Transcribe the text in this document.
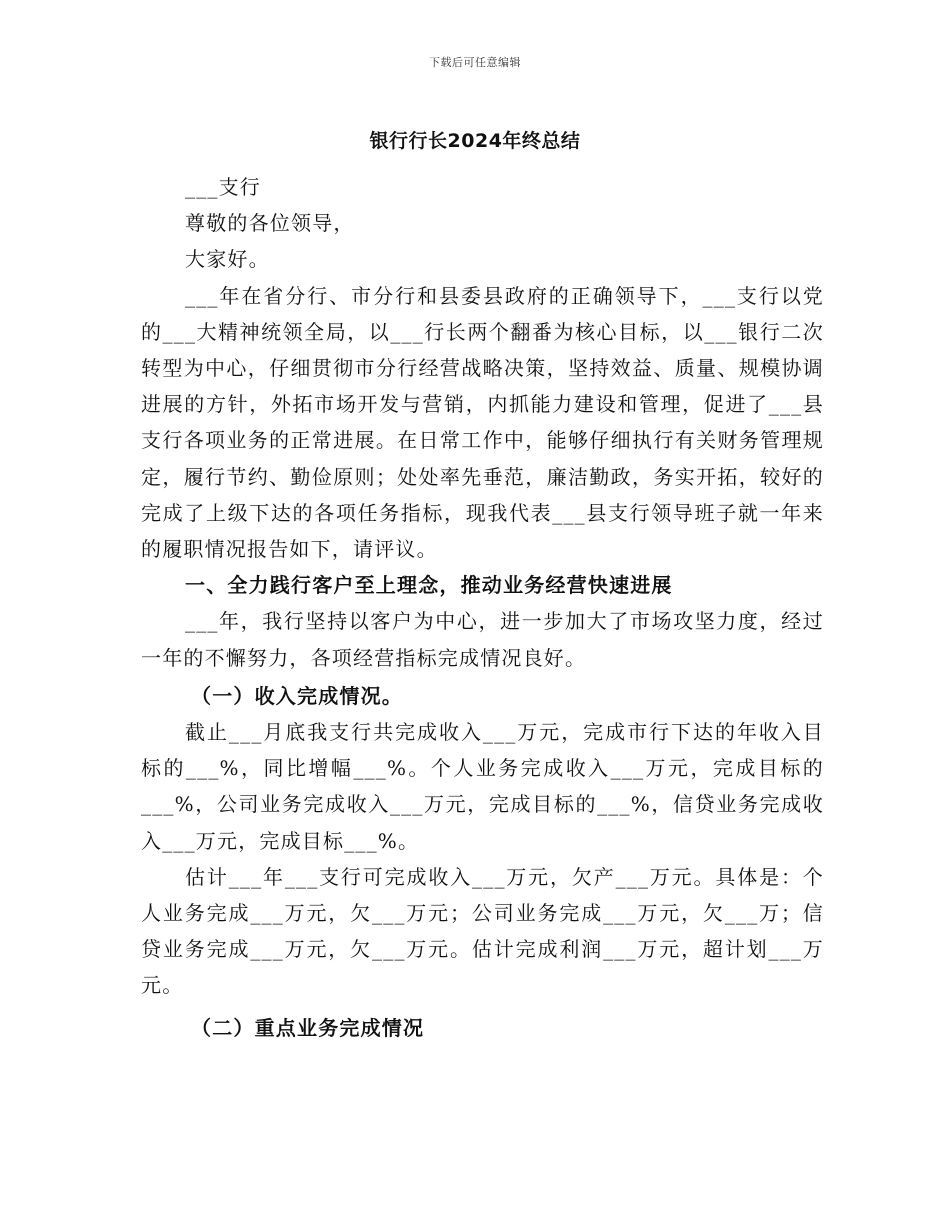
下载后可任意编辑
银行行长2024年终总结

___支行

尊敬的各位领导，

大家好。

___年在省分行、市分行和县委县政府的正确领导下，___支行以党的___大精神统领全局，以___行长两个翻番为核心目标，以___银行二次转型为中心，仔细贯彻市分行经营战略决策，坚持效益、质量、规模协调进展的方针，外拓市场开发与营销，内抓能力建设和管理，促进了___县支行各项业务的正常进展。在日常工作中，能够仔细执行有关财务管理规定，履行节约、勤俭原则；处处率先垂范，廉洁勤政，务实开拓，较好的完成了上级下达的各项任务指标，现我代表___县支行领导班子就一年来的履职情况报告如下，请评议。

一、全力践行客户至上理念，推动业务经营快速进展

___年，我行坚持以客户为中心，进一步加大了市场攻坚力度，经过一年的不懈努力，各项经营指标完成情况良好。

（一）收入完成情况。

截止___月底我支行共完成收入___万元，完成市行下达的年收入目标的___%，同比增幅___%。个人业务完成收入___万元，完成目标的___%，公司业务完成收入___万元，完成目标的___%，信贷业务完成收入___万元，完成目标___%。

估计___年___支行可完成收入___万元，欠产___万元。具体是：个人业务完成___万元，欠___万元；公司业务完成___万元，欠___万；信贷业务完成___万元，欠___万元。估计完成利润___万元，超计划___万元。

（二）重点业务完成情况
